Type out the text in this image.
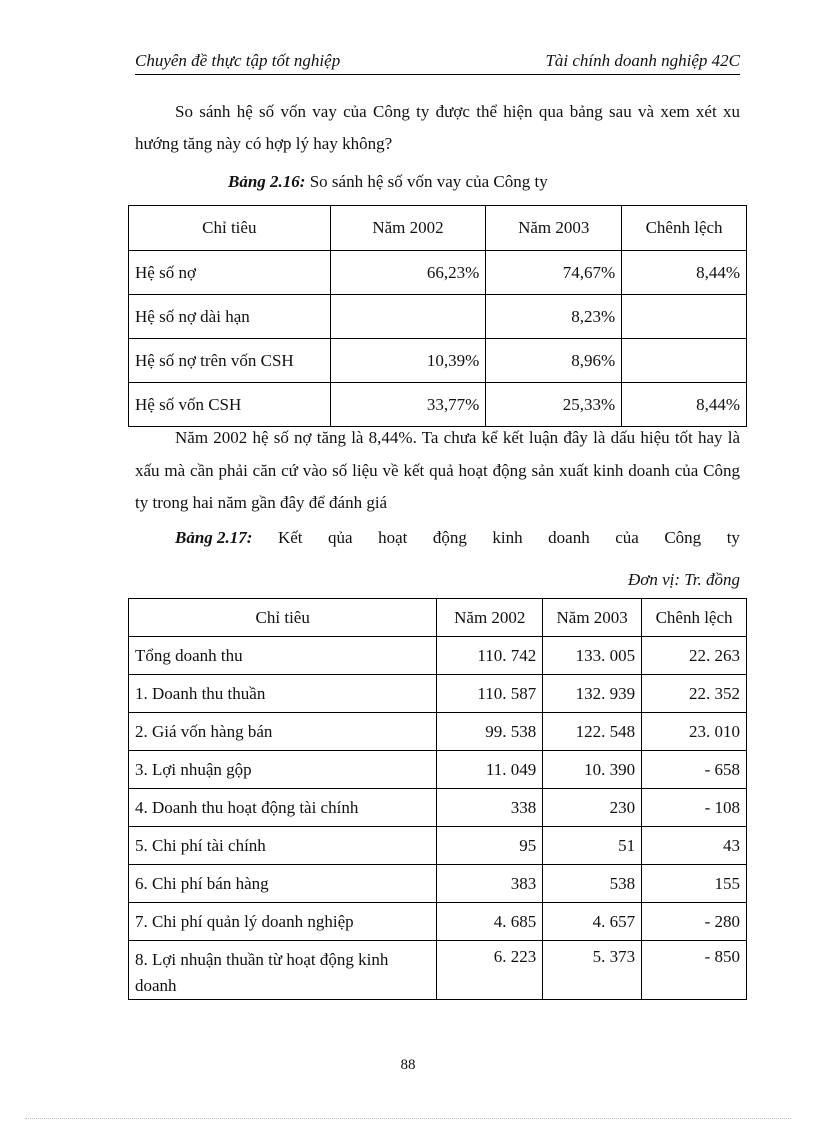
Chuyên đề thực tập tốt nghiệp	Tài chính doanh nghiệp 42C
So sánh hệ số vốn vay của Công ty được thể hiện qua bảng sau và xem xét xu hướng tăng này có hợp lý hay không?
Bảng 2.16: So sánh hệ số vốn vay của Công ty
Chỉ tiêu	Năm 2002	Năm 2003	Chênh lệch
Hệ số nợ	66,23%	74,67%	8,44%
Hệ số nợ dài hạn		8,23%	
Hệ số nợ trên vốn CSH	10,39%	8,96%	
Hệ số vốn CSH	33,77%	25,33%	8,44%
Năm 2002 hệ số nợ tăng là 8,44%. Ta chưa kể kết luận đây là dấu hiệu tốt hay là xấu mà cần phải căn cứ vào số liệu về kết quả hoạt động sản xuất kinh doanh của Công ty trong hai năm gần đây để đánh giá
Bảng 2.17: Kết qủa hoạt động kinh doanh của Công ty
Đơn vị: Tr. đồng
Chỉ tiêu	Năm 2002	Năm 2003	Chênh lệch
Tổng doanh thu	110. 742	133. 005	22. 263
1. Doanh thu thuần	110. 587	132. 939	22. 352
2. Giá vốn hàng bán	99. 538	122. 548	23. 010
3. Lợi nhuận gộp	11. 049	10. 390	- 658
4. Doanh thu hoạt động tài chính	338	230	- 108
5. Chi phí tài chính	95	51	43
6. Chi phí bán hàng	383	538	155
7. Chi phí quản lý doanh nghiệp	4. 685	4. 657	- 280
8. Lợi nhuận thuần từ hoạt động kinh doanh	6. 223	5. 373	- 850
88
